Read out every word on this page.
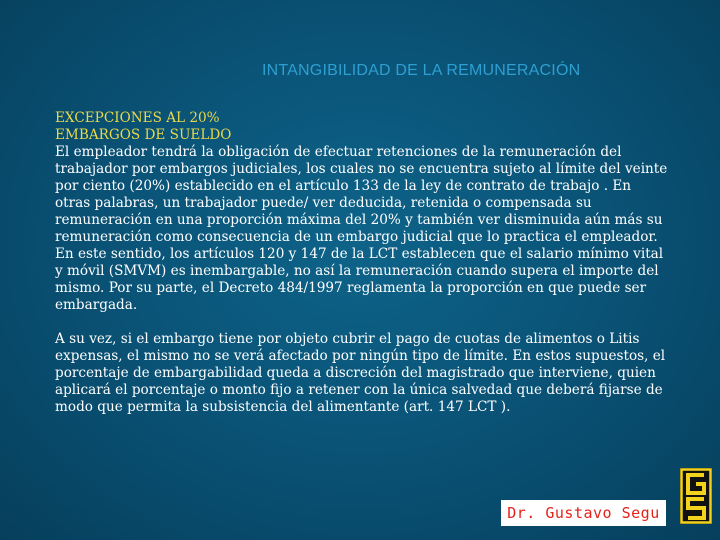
INTANGIBILIDAD DE LA REMUNERACIÓN

EXCEPCIONES AL 20%

EMBARGOS DE SUELDO

El empleador tendrá la obligación de efectuar retenciones de la remuneración del trabajador por embargos judiciales, los cuales no se encuentra sujeto al límite del veinte por ciento (20%) establecido en el artículo 133 de la ley de contrato de trabajo . En otras palabras, un trabajador puede/ ver deducida, retenida o compensada su remuneración en una proporción máxima del 20% y también ver disminuida aún más su remuneración como consecuencia de un embargo judicial que lo practica el empleador.

En este sentido, los artículos 120 y 147 de la LCT establecen que el salario mínimo vital y móvil (SMVM) es inembargable, no así la remuneración cuando supera el importe del mismo. Por su parte, el Decreto 484/1997 reglamenta la proporción en que puede ser embargada.

A su vez, si el embargo tiene por objeto cubrir el pago de cuotas de alimentos o Litis expensas, el mismo no se verá afectado por ningún tipo de límite. En estos supuestos, el porcentaje de embargabilidad queda a discreción del magistrado que interviene, quien aplicará el porcentaje o monto fijo a retener con la única salvedad que deberá fijarse de modo que permita la subsistencia del alimentante (art. 147 LCT ).

Dr. Gustavo Segu
